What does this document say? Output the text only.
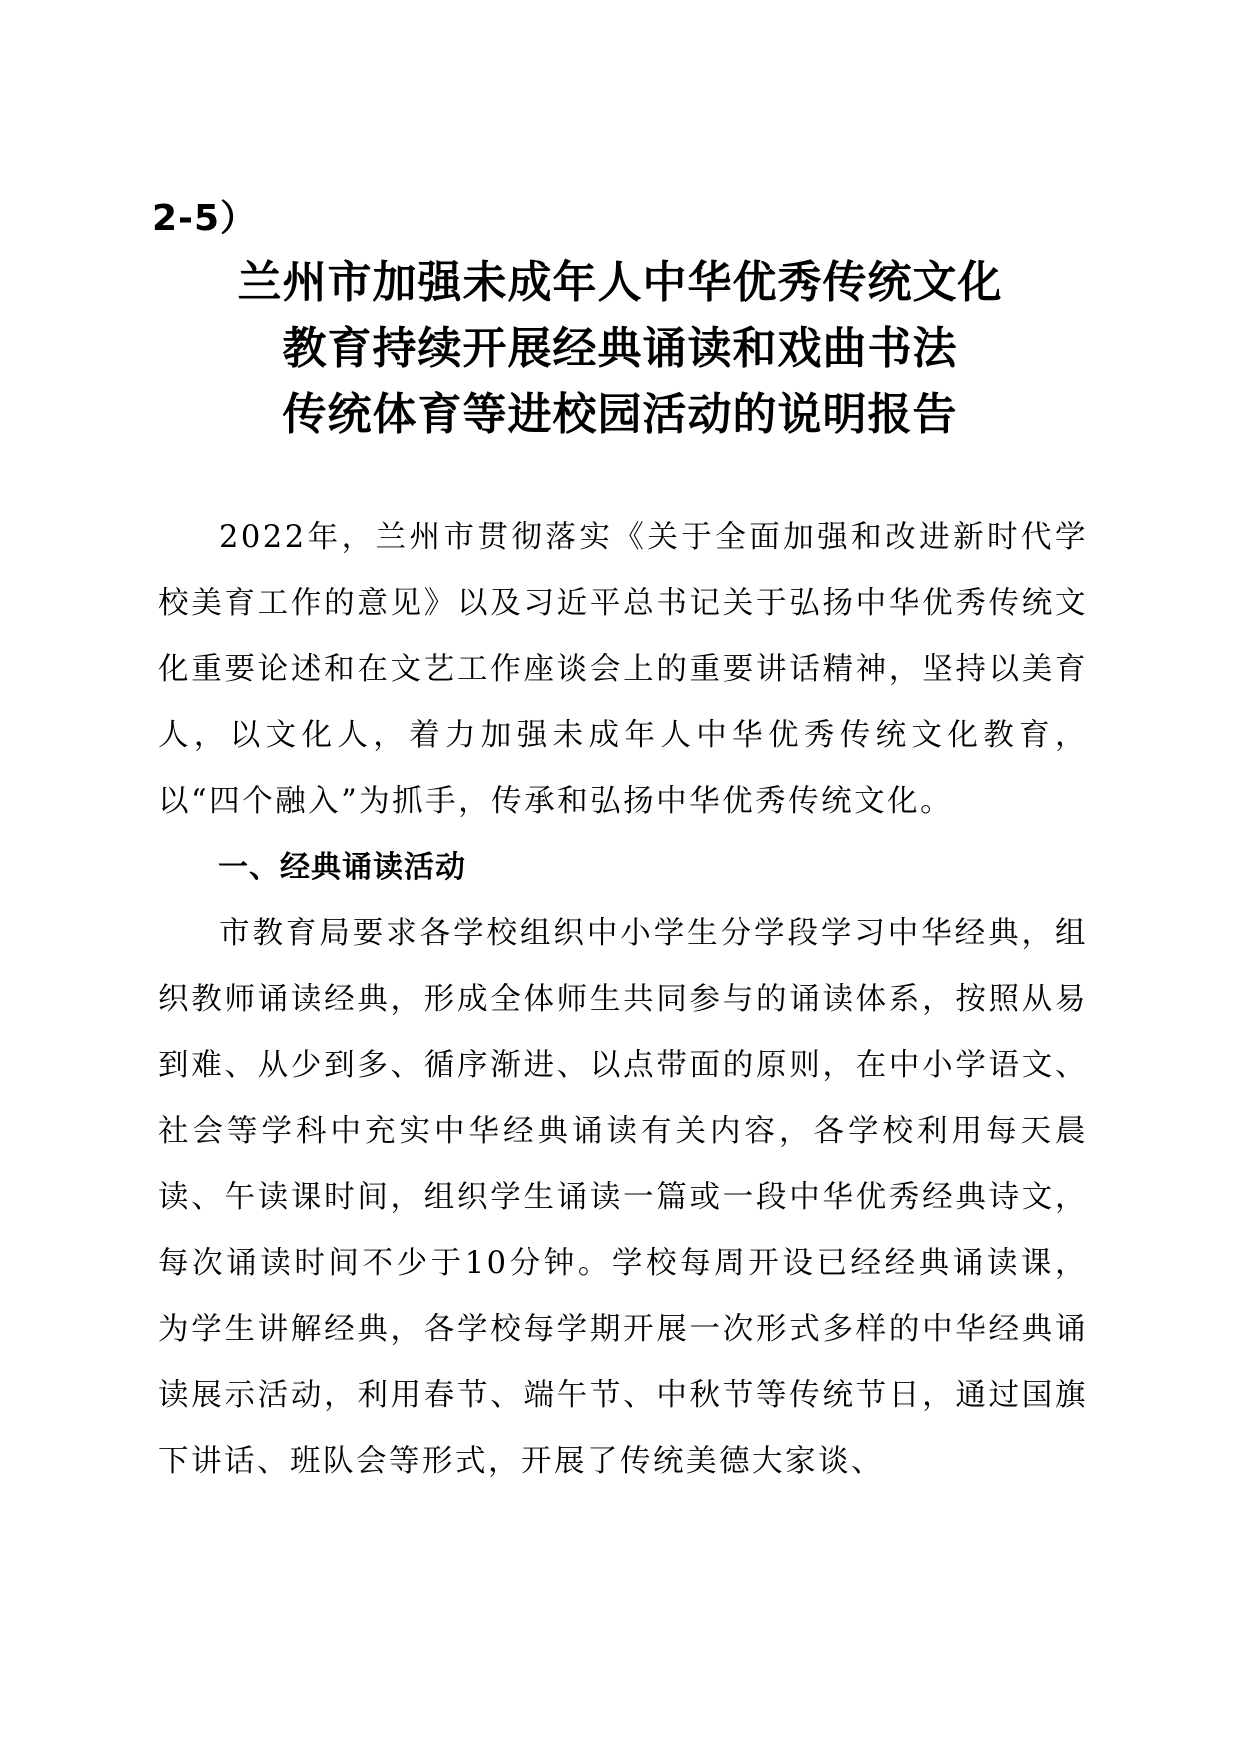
2-5）

兰州市加强未成年人中华优秀传统文化
教育持续开展经典诵读和戏曲书法
传统体育等进校园活动的说明报告

2022年，兰州市贯彻落实《关于全面加强和改进新时代学校美育工作的意见》以及习近平总书记关于弘扬中华优秀传统文化重要论述和在文艺工作座谈会上的重要讲话精神，坚持以美育人，以文化人，着力加强未成年人中华优秀传统文化教育，以“四个融入”为抓手，传承和弘扬中华优秀传统文化。

一、经典诵读活动

市教育局要求各学校组织中小学生分学段学习中华经典，组织教师诵读经典，形成全体师生共同参与的诵读体系，按照从易到难、从少到多、循序渐进、以点带面的原则，在中小学语文、社会等学科中充实中华经典诵读有关内容，各学校利用每天晨读、午读课时间，组织学生诵读一篇或一段中华优秀经典诗文，每次诵读时间不少于10分钟。学校每周开设已经经典诵读课，为学生讲解经典，各学校每学期开展一次形式多样的中华经典诵读展示活动，利用春节、端午节、中秋节等传统节日，通过国旗下讲话、班队会等形式，开展了传统美德大家谈、
